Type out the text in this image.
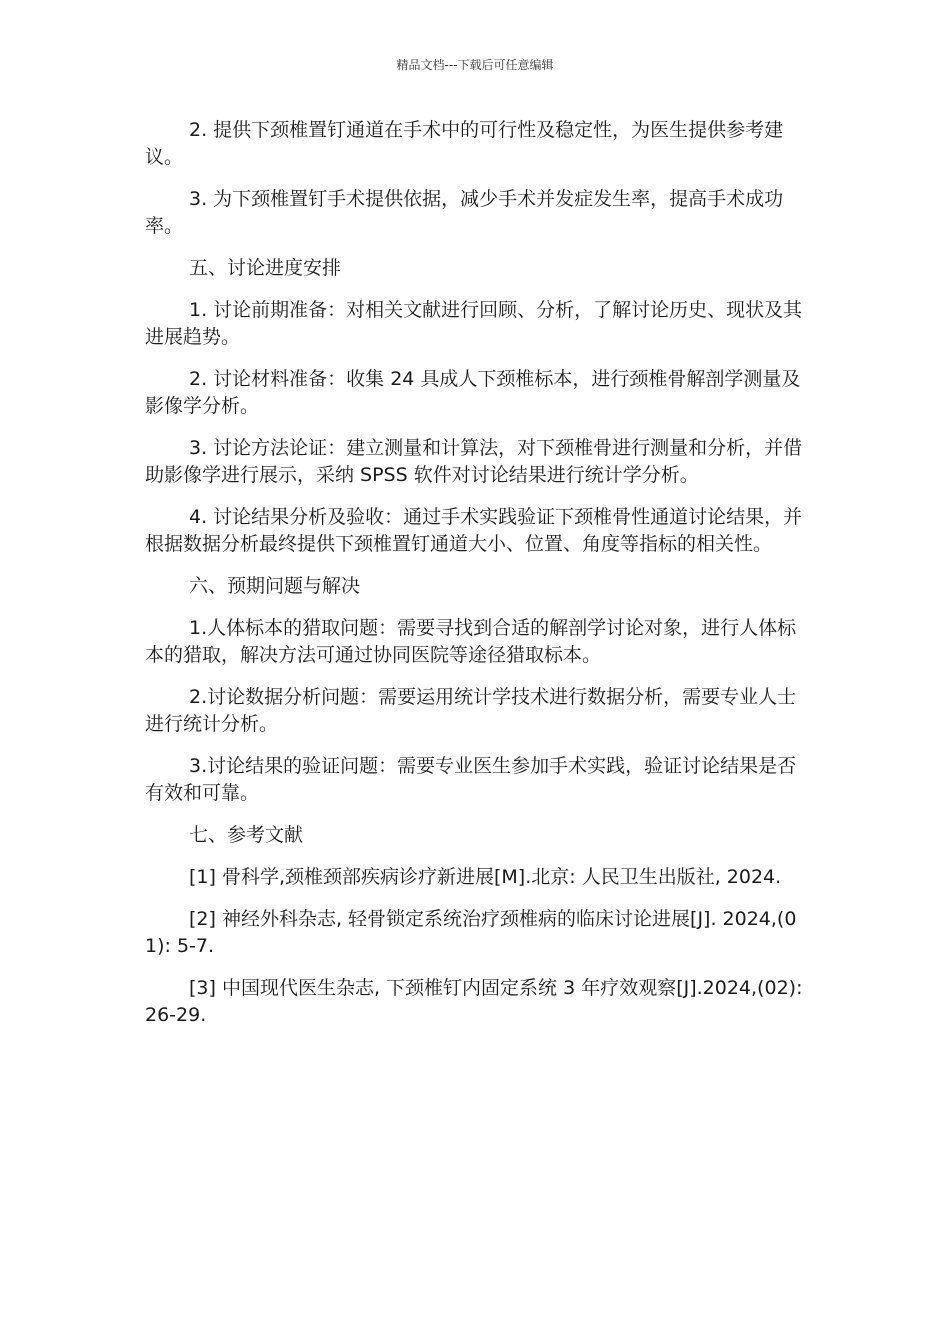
精品文档---下载后可任意编辑

2. 提供下颈椎置钉通道在手术中的可行性及稳定性，为医生提供参考建议。

3. 为下颈椎置钉手术提供依据，减少手术并发症发生率，提高手术成功率。

五、讨论进度安排

1. 讨论前期准备：对相关文献进行回顾、分析，了解讨论历史、现状及其进展趋势。

2. 讨论材料准备：收集 24 具成人下颈椎标本，进行颈椎骨解剖学测量及影像学分析。

3. 讨论方法论证：建立测量和计算法，对下颈椎骨进行测量和分析，并借助影像学进行展示，采纳 SPSS 软件对讨论结果进行统计学分析。

4. 讨论结果分析及验收：通过手术实践验证下颈椎骨性通道讨论结果，并根据数据分析最终提供下颈椎置钉通道大小、位置、角度等指标的相关性。

六、预期问题与解决

1.人体标本的猎取问题：需要寻找到合适的解剖学讨论对象，进行人体标本的猎取，解决方法可通过协同医院等途径猎取标本。

2.讨论数据分析问题：需要运用统计学技术进行数据分析，需要专业人士进行统计分析。

3.讨论结果的验证问题：需要专业医生参加手术实践，验证讨论结果是否有效和可靠。

七、参考文献

[1] 骨科学,颈椎颈部疾病诊疗新进展[M].北京: 人民卫生出版社, 2024.

[2] 神经外科杂志, 轻骨锁定系统治疗颈椎病的临床讨论进展[J]. 2024,(01): 5-7.

[3] 中国现代医生杂志, 下颈椎钉内固定系统 3 年疗效观察[J].2024,(02): 26-29.
